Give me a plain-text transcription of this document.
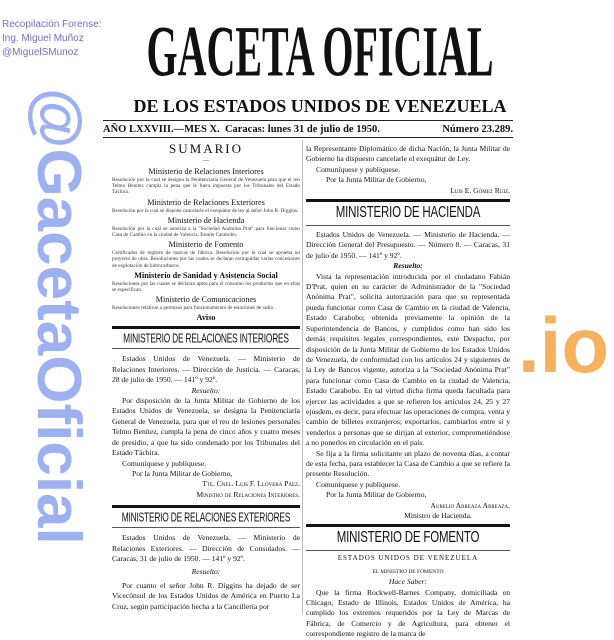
Recopilación Forense:
Ing. Miguel Muñoz
@MiguelSMunoz	GACETA OFICIAL
DE LOS ESTADOS UNIDOS DE VENEZUELA
AÑO LXXVIII.—MES X. Caracas: lunes 31 de julio de 1950.	Número 23.289.
SUMARIO
—
Ministerio de Relaciones Interiores
Resolución por la cual se designa la Penitenciaría General de Venezuela para que el reo Telmo Benítez cumpla la pena que le fuera impuesta por los Tribunales del Estado Táchira.
Ministerio de Relaciones Exteriores
Resolución por la cual se dispone cancelarle el exequátur de ley al señor John R. Diggins.
Ministerio de Hacienda
Resolución por la cual se autoriza a la "Sociedad Anónima Prat" para funcionar como Casa de Cambio en la ciudad de Valencia, Estado Carabobo.
Ministerio de Fomento
Certificados de registro de marcas de fábrica. Resolución por la cual se aprueba un proyecto de obra. Resoluciones por las cuales se declaran extinguidas varias concesiones de explotación de hidrocarburos.
Ministerio de Sanidad y Asistencia Social
Resoluciones por las cuales se declaran aptos para el consumo los productos que en ellas se especifican.
Ministerio de Comunicaciones
Resoluciones relativas a permisos para funcionamiento de estaciones de radio.
Aviso
MINISTERIO DE RELACIONES INTERIORES

Estados Unidos de Venezuela. — Ministerio de Relaciones Interiores. — Dirección de Justicia. — Caracas, 28 de julio de 1950. — 141º y 92º.

Resuelto:

Por disposición de la Junta Militar de Gobierno de los Estados Unidos de Venezuela, se designa la Penitenciaría General de Venezuela, para que el reo de lesiones personales Telmo Benítez, cumpla la pena de cinco años y cuatro meses de presidio, a que ha sido condenado por los Tribunales del Estado Táchira.

Comuníquese y publíquese.

Por la Junta Militar de Gobierno,

Tte. Cnel. Luis F. Llovera Páez.
Ministro de Relaciones Interiores.
MINISTERIO DE RELACIONES EXTERIORES

Estados Unidos de Venezuela. — Ministerio de Relaciones Exteriores. — Dirección de Consulados. — Caracas, 31 de julio de 1950. — 141º y 92º.

Resuelto:

Por cuanto el señor John R. Diggins ha dejado de ser Vicecónsul de los Estados Unidos de América en Puerto La Cruz, según participación hecha a la Cancillería por

la Representante Diplomático de dicha Nación, la Junta Militar de Gobierno ha dispuesto cancelarle el exequátur de Ley.

Comuníquese y publíquese.

Por la Junta Militar de Gobierno,

Luis E. Gómez Ruiz.
MINISTERIO DE HACIENDA

Estados Unidos de Venezuela. — Ministerio de Hacienda. — Dirección General del Presupuesto. — Número 8. — Caracas, 31 de julio de 1950. — 141º y 92º.

Resuelto:

Vista la representación introducida por el ciudadano Fabián D'Prat, quien en su carácter de Administrador de la "Sociedad Anónima Prat", solicita autorización para que su representada pueda funcionar como Casa de Cambio en la ciudad de Valencia, Estado Carabobo; obtenida previamente la opinión de la Superintendencia de Bancos, y cumplidos como han sido los demás requisitos legales correspondientes, este Despacho, por disposición de la Junta Militar de Gobierno de los Estados Unidos de Venezuela, de conformidad con los artículos 24 y siguientes de la Ley de Bancos vigente, autoriza a la "Sociedad Anónima Prat" para funcionar como Casa de Cambio en la ciudad de Valencia, Estado Carabobo. En tal virtud dicha firma queda facultada para ejercer las actividades a que se refieren los artículos 24, 25 y 27 ejusdem, es decir, para efectuar las operaciones de compra, venta y cambio de billetes extranjeros; exportarlos, cambiarlos entre sí y venderlos a personas que se dirijan al exterior, comprometiéndose a no ponerlos en circulación en el país.

Se fija a la firma solicitante un plazo de noventa días, a contar de esta fecha, para establecer la Casa de Cambio a que se refiere la presente Resolución.

Comuníquese y publíquese.

Por la Junta Militar de Gobierno,

Aurelio Arreaza Arreaza.
Ministro de Hacienda.
MINISTERIO DE FOMENTO
ESTADOS UNIDOS DE VENEZUELA
EL MINISTRO DE FOMENTO
Hace Saber:

Que la firma Rockwell-Barnes Company, domiciliada en Chicago, Estado de Illinois, Estados Unidos de América, ha cumplido los extremos requeridos por la Ley de Marcas de Fábrica, de Comercio y de Agricultura, para obtener el correspondiente registro de la marca de

@GacetaOficial	.io
